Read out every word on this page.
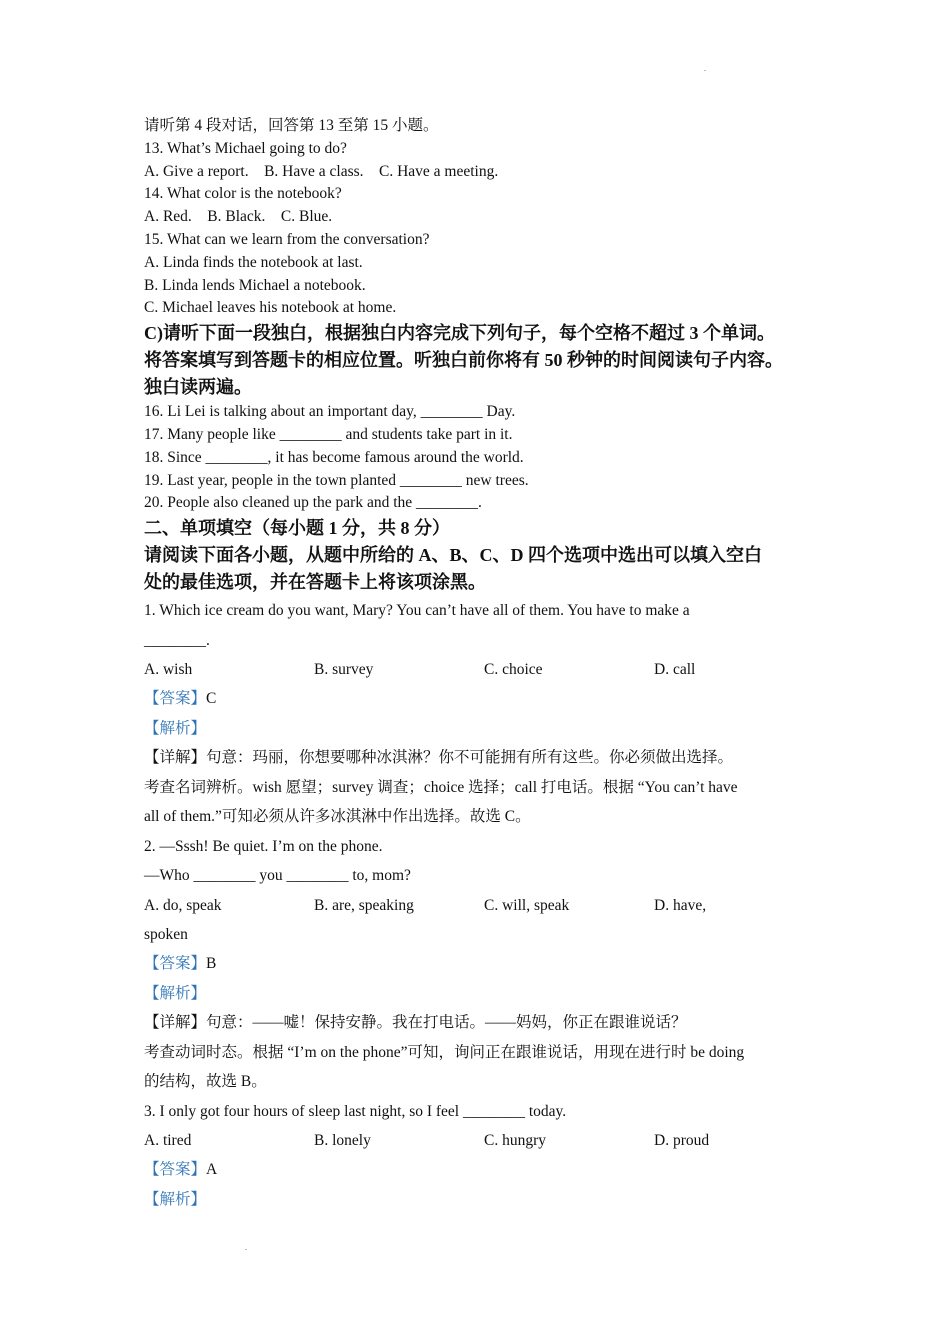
请听第 4 段对话，回答第 13 至第 15 小题。
13. What’s Michael going to do?
A. Give a report.    B. Have a class.    C. Have a meeting.
14. What color is the notebook?
A. Red.    B. Black.    C. Blue.
15. What can we learn from the conversation?
A. Linda finds the notebook at last.
B. Linda lends Michael a notebook.
C. Michael leaves his notebook at home.
C)请听下面一段独白，根据独白内容完成下列句子，每个空格不超过 3 个单词。
将答案填写到答题卡的相应位置。听独白前你将有 50 秒钟的时间阅读句子内容。
独白读两遍。
16. Li Lei is talking about an important day, ________ Day.
17. Many people like ________ and students take part in it.
18. Since ________, it has become famous around the world.
19. Last year, people in the town planted ________ new trees.
20. People also cleaned up the park and the ________.
二、单项填空（每小题 1 分，共 8 分）
请阅读下面各小题，从题中所给的 A、B、C、D 四个选项中选出可以填入空白
处的最佳选项，并在答题卡上将该项涂黑。
1. Which ice cream do you want, Mary? You can’t have all of them. You have to make a
________.
A. wish	B. survey	C. choice	D. call
【答案】C
【解析】
【详解】句意：玛丽，你想要哪种冰淇淋？你不可能拥有所有这些。你必须做出选择。
考查名词辨析。wish 愿望；survey 调查；choice 选择；call 打电话。根据 “You can’t have
all of them.”可知必须从许多冰淇淋中作出选择。故选 C。
2. —Sssh! Be quiet. I’m on the phone.
—Who ________ you ________ to, mom?
A. do, speak	B. are, speaking	C. will, speak	D. have,
spoken
【答案】B
【解析】
【详解】句意：——嘘！保持安静。我在打电话。——妈妈，你正在跟谁说话？
考查动词时态。根据 “I’m on the phone”可知，询问正在跟谁说话，用现在进行时 be doing
的结构，故选 B。
3. I only got four hours of sleep last night, so I feel ________ today.
A. tired	B. lonely	C. hungry	D. proud
【答案】A
【解析】
